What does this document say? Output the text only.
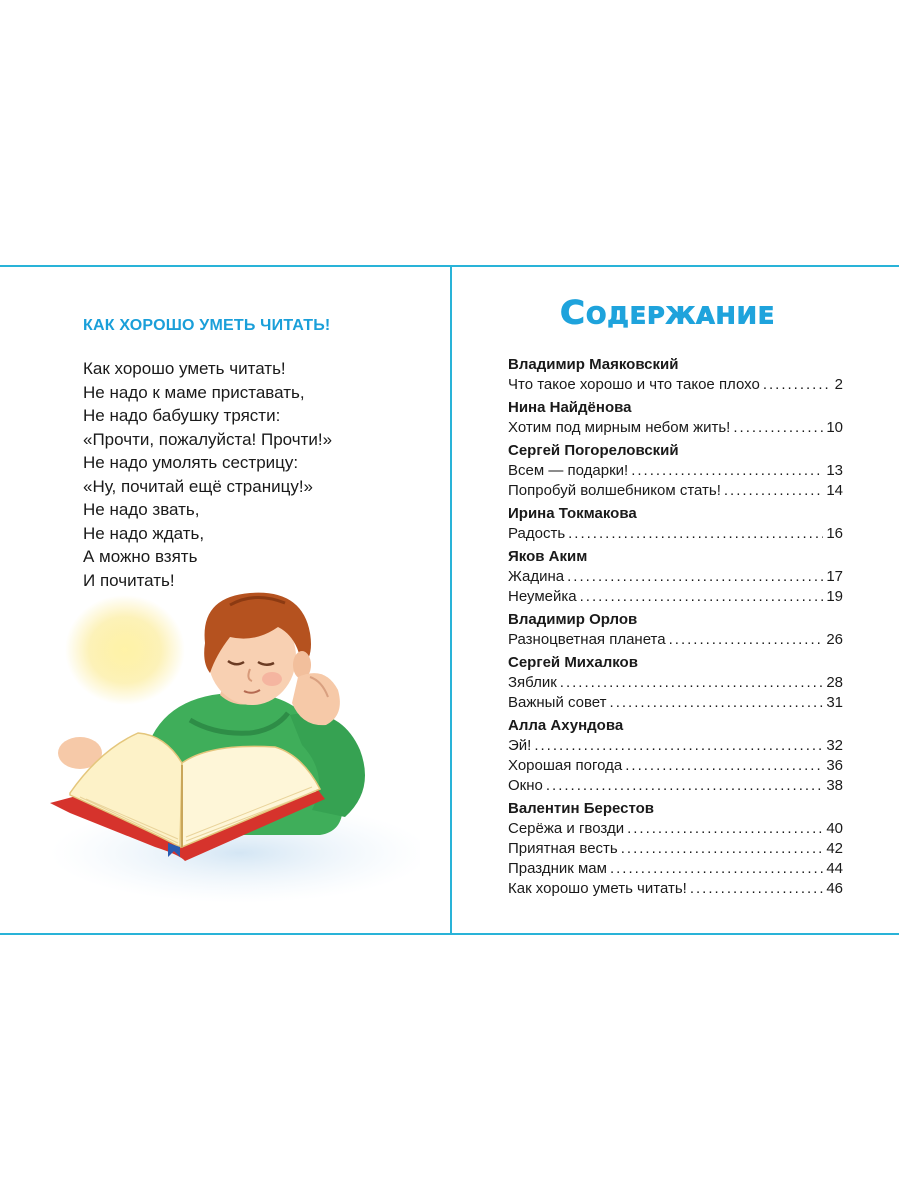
КАК ХОРОШО УМЕТЬ ЧИТАТЬ!
Как хорошо уметь читать!
Не надо к маме приставать,
Не надо бабушку трясти:
«Прочти, пожалуйста! Прочти!»
Не надо умолять сестрицу:
«Ну, почитай ещё страницу!»
Не надо звать,
Не надо ждать,
А можно взять
И почитать!
Содержание
Владимир Маяковский
Что такое хорошо и что такое плохо .....	2
Нина Найдёнова
Хотим под мирным небом жить! .....	10
Сергей Погореловский
Всем — подарки! .....	13
Попробуй волшебником стать! .....	14
Ирина Токмакова
Радость .....	16
Яков Аким
Жадина .....	17
Неумейка .....	19
Владимир Орлов
Разноцветная планета .....	26
Сергей Михалков
Зяблик .....	28
Важный совет .....	31
Алла Ахундова
Эй! .....	32
Хорошая погода .....	36
Окно .....	38
Валентин Берестов
Серёжа и гвозди .....	40
Приятная весть .....	42
Праздник мам .....	44
Как хорошо уметь читать! .....	46
